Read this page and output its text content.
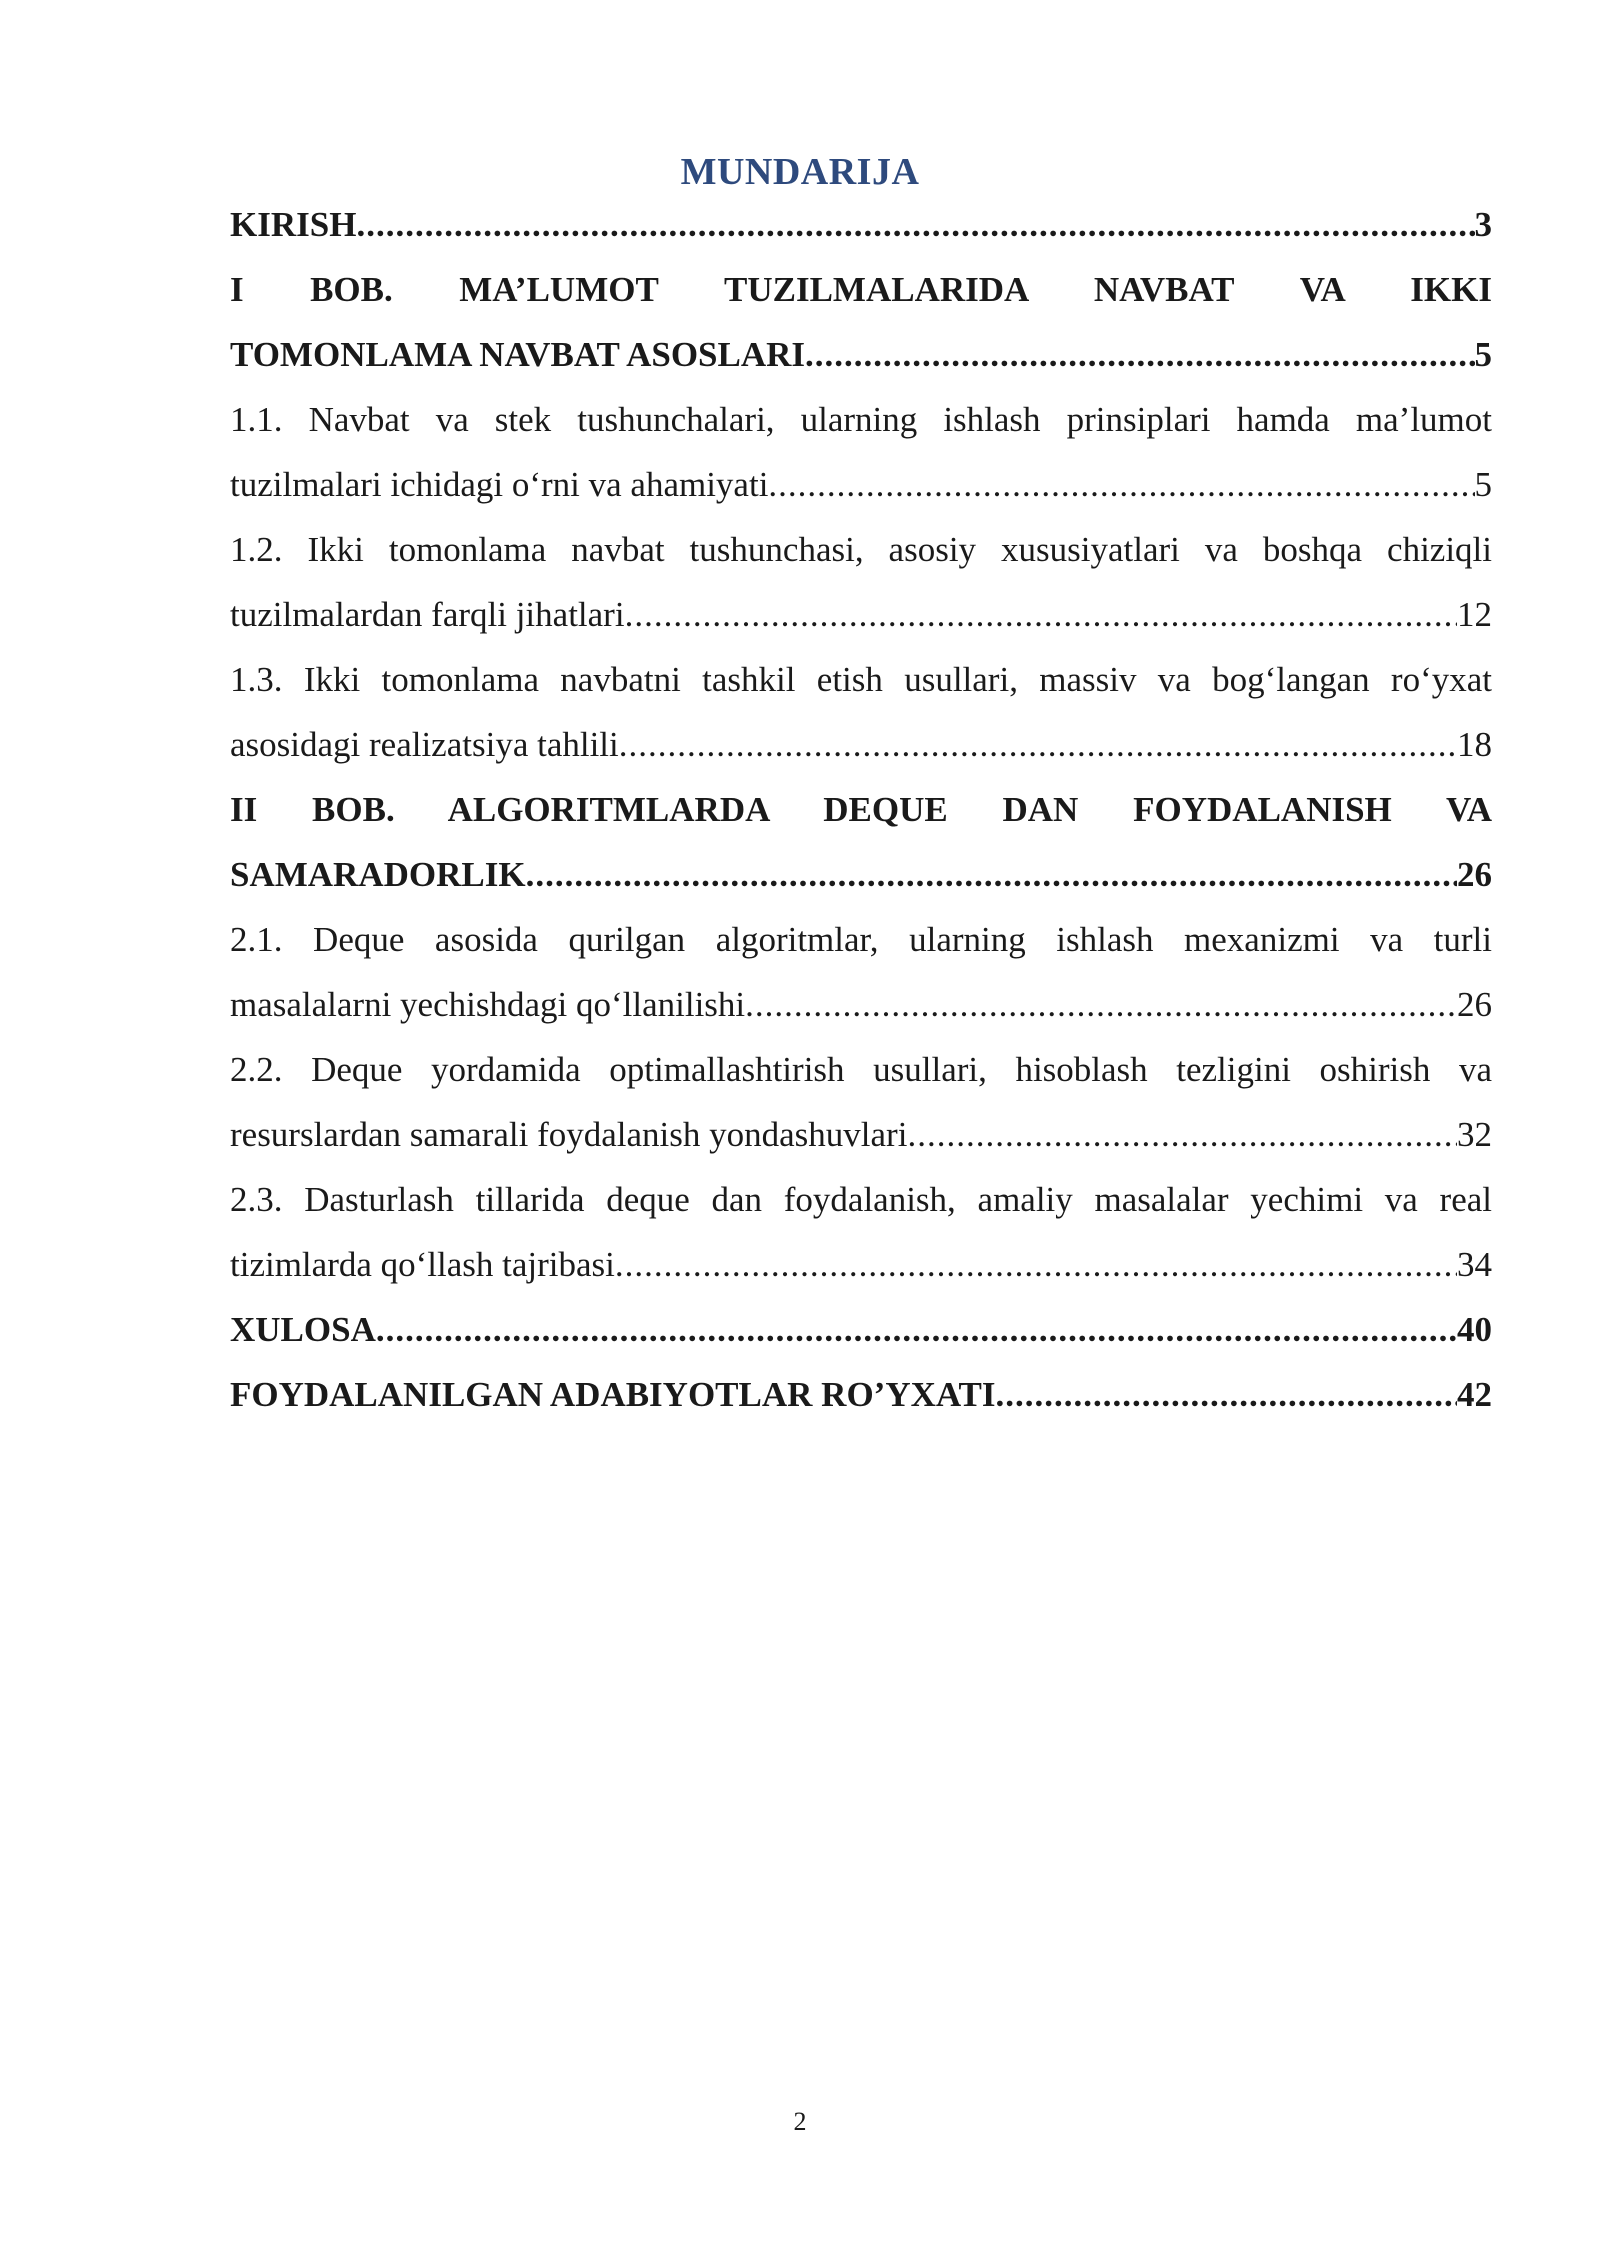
MUNDARIJA
KIRISH .....	3
I BOB. MA’LUMOT TUZILMALARIDA NAVBAT VA IKKI
TOMONLAMA NAVBAT ASOSLARI .....	5
1.1. Navbat va stek tushunchalari, ularning ishlash prinsiplari hamda ma’lumot
tuzilmalari ichidagi o‘rni va ahamiyati .....	5
1.2. Ikki tomonlama navbat tushunchasi, asosiy xususiyatlari va boshqa chiziqli
tuzilmalardan farqli jihatlari .....	12
1.3. Ikki tomonlama navbatni tashkil etish usullari, massiv va bog‘langan ro‘yxat
asosidagi realizatsiya tahlili .....	18
II BOB. ALGORITMLARDA DEQUE DAN FOYDALANISH VA
SAMARADORLIK .....	26
2.1. Deque asosida qurilgan algoritmlar, ularning ishlash mexanizmi va turli
masalalarni yechishdagi qo‘llanilishi .....	26
2.2. Deque yordamida optimallashtirish usullari, hisoblash tezligini oshirish va
resurslardan samarali foydalanish yondashuvlari .....	32
2.3. Dasturlash tillarida deque dan foydalanish, amaliy masalalar yechimi va real
tizimlarda qo‘llash tajribasi .....	34
XULOSA .....	40
FOYDALANILGAN ADABIYOTLAR RO’YXATI .....	42
2
